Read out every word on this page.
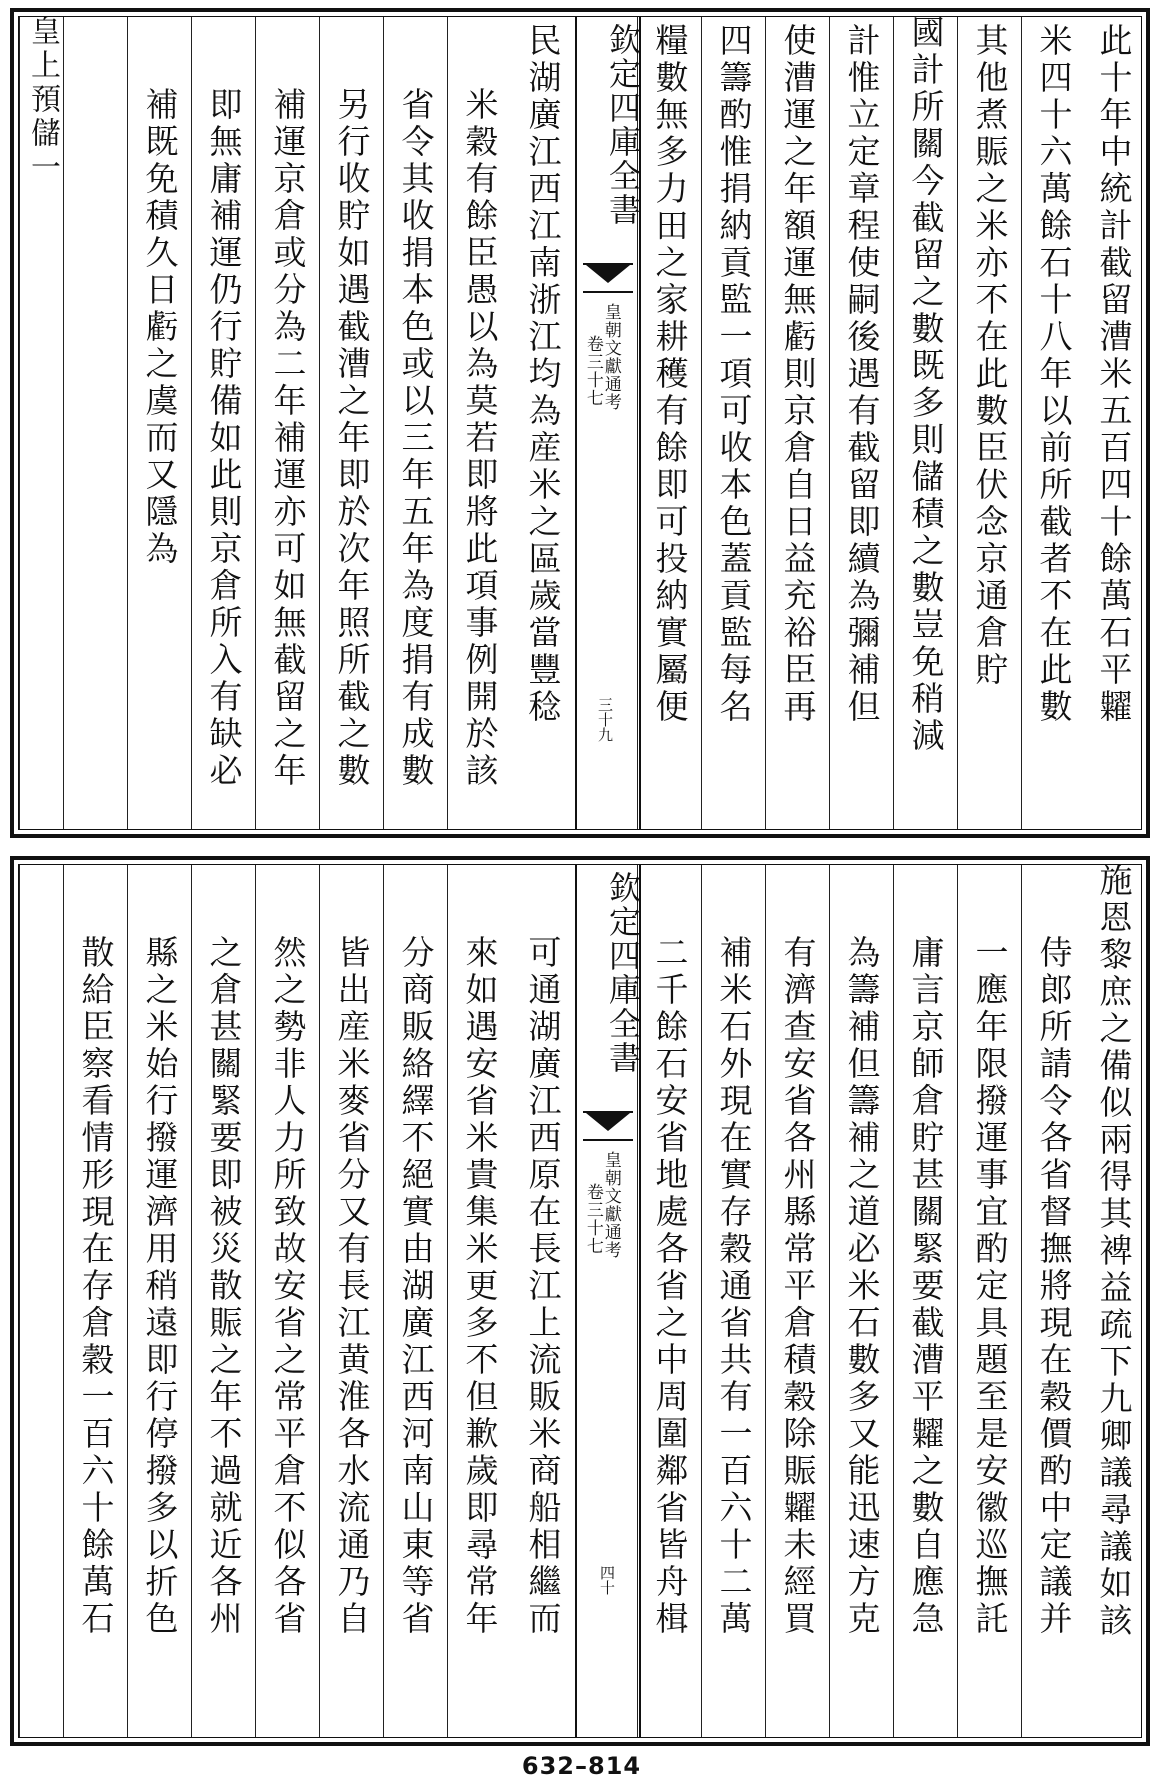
此十年中統計截留漕米五百四十餘萬石平糶
米四十六萬餘石十八年以前所截者不在此數
其他煮賑之米亦不在此數臣伏念京通倉貯
國計所關今截留之數既多則儲積之數豈免稍減
計惟立定章程使嗣後遇有截留即續為彌補但
使漕運之年額運無虧則京倉自日益充裕臣再
四籌酌惟捐納貢監一項可收本色蓋貢監每名
糧數無多力田之家耕穫有餘即可投納實屬便
欽定四庫全書
皇朝文獻通考
卷三十七
三十九
民湖廣江西江南浙江均為産米之區歲當豐稔
米穀有餘臣愚以為莫若即將此項事例開於該
省令其收捐本色或以三年五年為度捐有成數
另行收貯如遇截漕之年即於次年照所截之數
補運京倉或分為二年補運亦可如無截留之年
即無庸補運仍行貯備如此則京倉所入有缺必
補既免積久日虧之虞而又隱為
皇上預儲一
施恩黎庶之備似兩得其裨益疏下九卿議尋議如該
侍郎所請令各省督撫將現在穀價酌中定議并
一應年限撥運事宜酌定具題至是安徽巡撫託
庸言京師倉貯甚關緊要截漕平糶之數自應急
為籌補但籌補之道必米石數多又能迅速方克
有濟查安省各州縣常平倉積穀除賑糶未經買
補米石外現在實存穀通省共有一百六十二萬
二千餘石安省地處各省之中周圍鄰省皆舟楫
欽定四庫全書
皇朝文獻通考
卷三十七
四十
可通湖廣江西原在長江上流販米商船相繼而
來如遇安省米貴集米更多不但歉歲即尋常年
分商販絡繹不絕實由湖廣江西河南山東等省
皆出産米麥省分又有長江黄淮各水流通乃自
然之勢非人力所致故安省之常平倉不似各省
之倉甚關緊要即被災散賑之年不過就近各州
縣之米始行撥運濟用稍遠即行停撥多以折色
散給臣察看情形現在存倉穀一百六十餘萬石
632–814
